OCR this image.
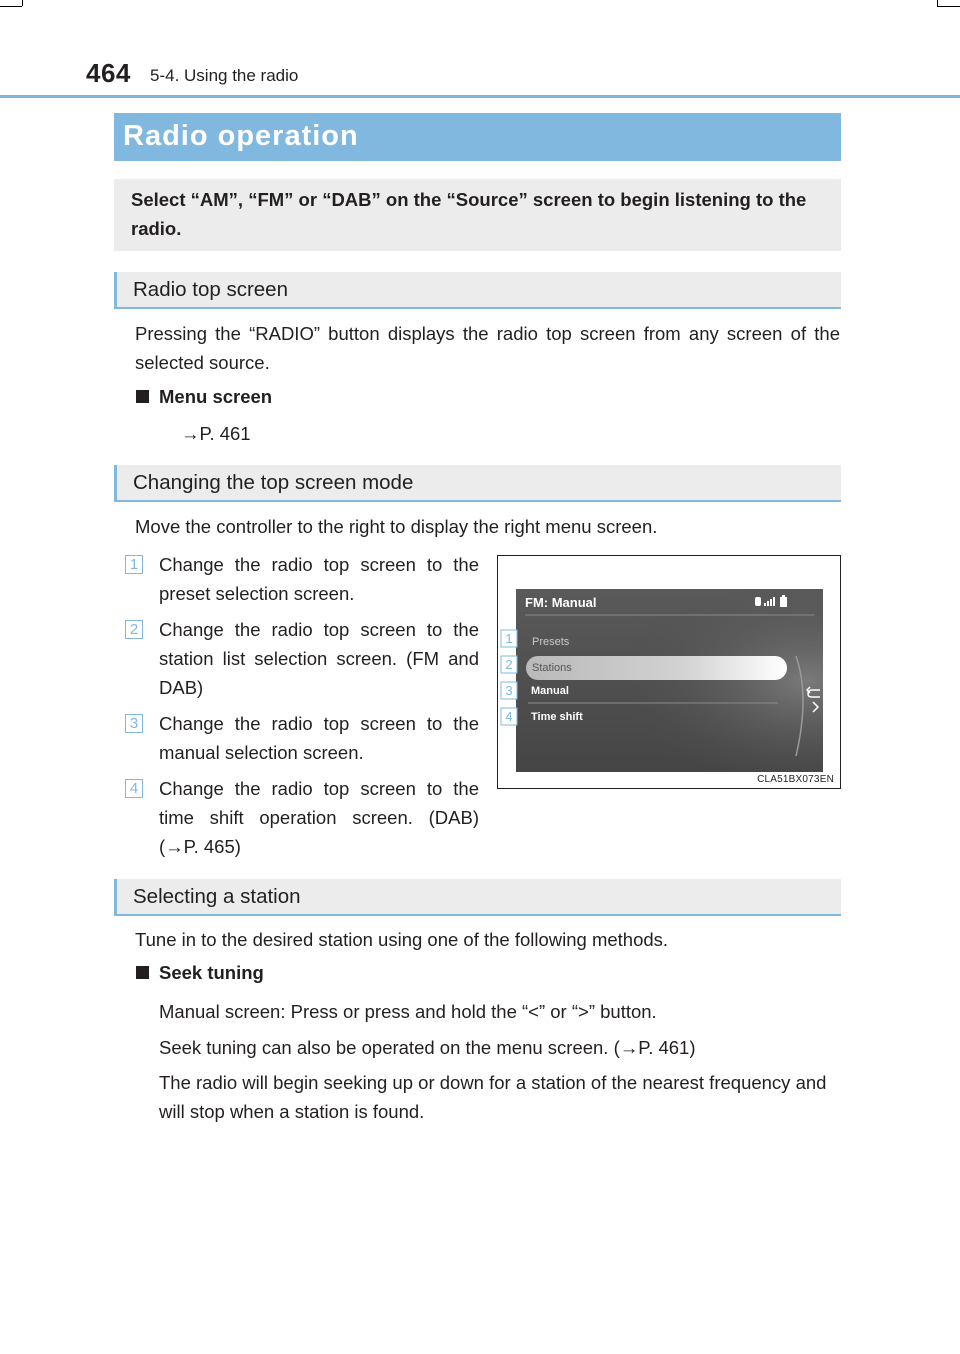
464 5-4. Using the radio
Radio operation

Select “AM”, “FM” or “DAB” on the “Source” screen to begin listening to the radio.

Radio top screen

Pressing the “RADIO” button displays the radio top screen from any screen of the selected source.

Menu screen
→P. 461
Changing the top screen mode

Move the controller to the right to display the right menu screen.

1 Change the radio top screen to the preset selection screen.

2 Change the radio top screen to the station list selection screen. (FM and DAB)

3 Change the radio top screen to the manual selection screen.

4 Change the radio top screen to the time shift operation screen. (DAB) (→P. 465)

FM: Manual
Presets
Stations
Manual
Time shift
1
2
3
4
CLA51BX073EN
Selecting a station

Tune in to the desired station using one of the following methods.

Seek tuning

Manual screen: Press or press and hold the “<” or “>” button.

Seek tuning can also be operated on the menu screen. (→P. 461)

The radio will begin seeking up or down for a station of the nearest frequency and will stop when a station is found.
